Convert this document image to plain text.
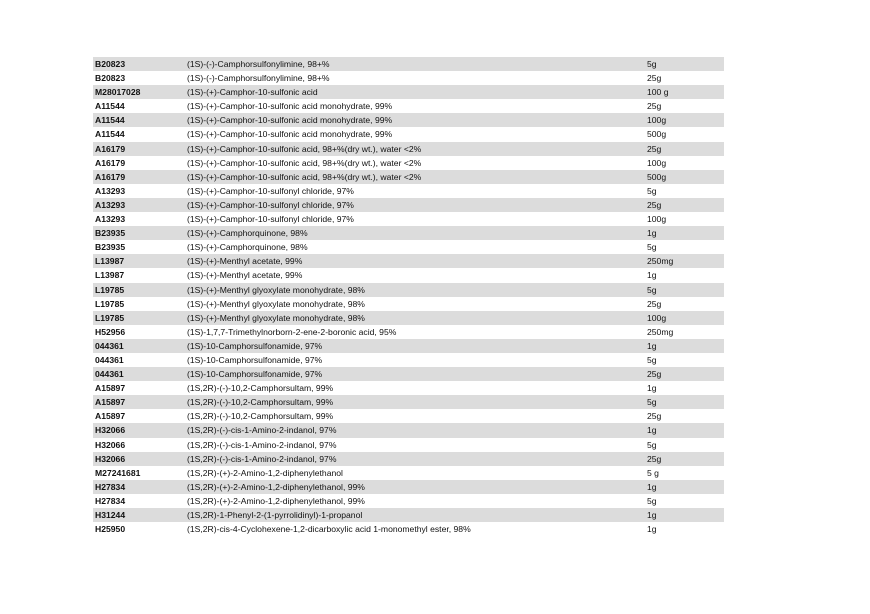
B20823	(1S)-(-)-Camphorsulfonylimine, 98+%	5g
B20823	(1S)-(-)-Camphorsulfonylimine, 98+%	25g
M28017028	(1S)-(+)-Camphor-10-sulfonic acid	100 g
A11544	(1S)-(+)-Camphor-10-sulfonic acid monohydrate, 99%	25g
A11544	(1S)-(+)-Camphor-10-sulfonic acid monohydrate, 99%	100g
A11544	(1S)-(+)-Camphor-10-sulfonic acid monohydrate, 99%	500g
A16179	(1S)-(+)-Camphor-10-sulfonic acid, 98+%(dry wt.), water <2%	25g
A16179	(1S)-(+)-Camphor-10-sulfonic acid, 98+%(dry wt.), water <2%	100g
A16179	(1S)-(+)-Camphor-10-sulfonic acid, 98+%(dry wt.), water <2%	500g
A13293	(1S)-(+)-Camphor-10-sulfonyl chloride, 97%	5g
A13293	(1S)-(+)-Camphor-10-sulfonyl chloride, 97%	25g
A13293	(1S)-(+)-Camphor-10-sulfonyl chloride, 97%	100g
B23935	(1S)-(+)-Camphorquinone, 98%	1g
B23935	(1S)-(+)-Camphorquinone, 98%	5g
L13987	(1S)-(+)-Menthyl acetate, 99%	250mg
L13987	(1S)-(+)-Menthyl acetate, 99%	1g
L19785	(1S)-(+)-Menthyl glyoxylate monohydrate, 98%	5g
L19785	(1S)-(+)-Menthyl glyoxylate monohydrate, 98%	25g
L19785	(1S)-(+)-Menthyl glyoxylate monohydrate, 98%	100g
H52956	(1S)-1,7,7-Trimethylnorborn-2-ene-2-boronic acid, 95%	250mg
044361	(1S)-10-Camphorsulfonamide, 97%	1g
044361	(1S)-10-Camphorsulfonamide, 97%	5g
044361	(1S)-10-Camphorsulfonamide, 97%	25g
A15897	(1S,2R)-(-)-10,2-Camphorsultam, 99%	1g
A15897	(1S,2R)-(-)-10,2-Camphorsultam, 99%	5g
A15897	(1S,2R)-(-)-10,2-Camphorsultam, 99%	25g
H32066	(1S,2R)-(-)-cis-1-Amino-2-indanol, 97%	1g
H32066	(1S,2R)-(-)-cis-1-Amino-2-indanol, 97%	5g
H32066	(1S,2R)-(-)-cis-1-Amino-2-indanol, 97%	25g
M27241681	(1S,2R)-(+)-2-Amino-1,2-diphenylethanol	5 g
H27834	(1S,2R)-(+)-2-Amino-1,2-diphenylethanol, 99%	1g
H27834	(1S,2R)-(+)-2-Amino-1,2-diphenylethanol, 99%	5g
H31244	(1S,2R)-1-Phenyl-2-(1-pyrrolidinyl)-1-propanol	1g
H25950	(1S,2R)-cis-4-Cyclohexene-1,2-dicarboxylic acid 1-monomethyl ester, 98%	1g
